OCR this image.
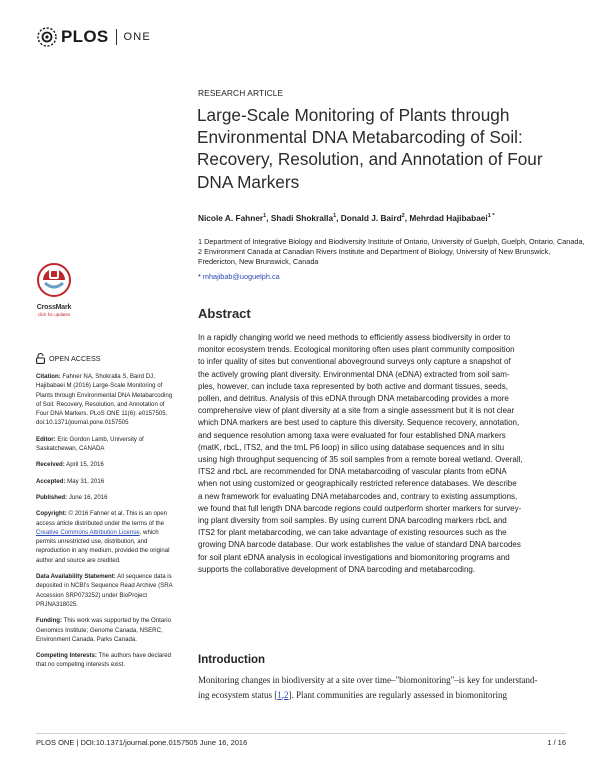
PLOS ONE
RESEARCH ARTICLE
Large-Scale Monitoring of Plants through Environmental DNA Metabarcoding of Soil: Recovery, Resolution, and Annotation of Four DNA Markers
Nicole A. Fahner$^1$, Shadi Shokralla$^1$, Donald J. Baird$^2$, Mehrdad Hajibabaei$^{1 *}$
1 Department of Integrative Biology and Biodiversity Institute of Ontario, University of Guelph, Guelph, Ontario, Canada, 2 Environment Canada at Canadian Rivers Institute and Department of Biology, University of New Brunswick, Fredericton, New Brunswick, Canada
* mhajibab@uoguelph.ca
CrossMark
click for updates
OPEN ACCESS
Citation: Fahner NA, Shokralla S, Baird DJ, Hajibabaei M (2016) Large-Scale Monitoring of Plants through Environmental DNA Metabarcoding of Soil: Recovery, Resolution, and Annotation of Four DNA Markers. PLoS ONE 11(6): e0157505. doi:10.1371/journal.pone.0157505
Editor: Eric Gordon Lamb, University of Saskatchewan, CANADA
Received: April 15, 2016
Accepted: May 31, 2016
Published: June 16, 2016
Copyright: © 2016 Fahner et al. This is an open access article distributed under the terms of the Creative Commons Attribution License, which permits unrestricted use, distribution, and reproduction in any medium, provided the original author and source are credited.
Data Availability Statement: All sequence data is deposited in NCBI's Sequence Read Archive (SRA Accession SRP073252) under BioProject PRJNA318025.
Funding: This work was supported by the Ontario Genomics Institute; Genome Canada, NSERC, Environment Canada, Parks Canada.
Competing Interests: The authors have declared that no competing interests exist.
Abstract
In a rapidly changing world we need methods to efficiently assess biodiversity in order to
monitor ecosystem trends. Ecological monitoring often uses plant community composition
to infer quality of sites but conventional aboveground surveys only capture a snapshot of
the actively growing plant diversity. Environmental DNA (eDNA) extracted from soil sam-
ples, however, can include taxa represented by both active and dormant tissues, seeds,
pollen, and detritus. Analysis of this eDNA through DNA metabarcoding provides a more
comprehensive view of plant diversity at a site from a single assessment but it is not clear
which DNA markers are best used to capture this diversity. Sequence recovery, annotation,
and sequence resolution among taxa were evaluated for four established DNA markers
(matK, rbcL, ITS2, and the trnL P6 loop) in silico using database sequences and in situ
using high throughput sequencing of 35 soil samples from a remote boreal wetland. Overall,
ITS2 and rbcL are recommended for DNA metabarcoding of vascular plants from eDNA
when not using customized or geographically restricted reference databases. We describe
a new framework for evaluating DNA metabarcodes and, contrary to existing assumptions,
we found that full length DNA barcode regions could outperform shorter markers for survey-
ing plant diversity from soil samples. By using current DNA barcoding markers rbcL and
ITS2 for plant metabarcoding, we can take advantage of existing resources such as the
growing DNA barcode database. Our work establishes the value of standard DNA barcodes
for soil plant eDNA analysis in ecological investigations and biomonitoring programs and
supports the collaborative development of DNA barcoding and metabarcoding.
Introduction
Monitoring changes in biodiversity at a site over time–"biomonitoring"–is key for understand-
ing ecosystem status [1,2]. Plant communities are regularly assessed in biomonitoring
PLOS ONE | DOI:10.1371/journal.pone.0157505 June 16, 2016	1 / 16
